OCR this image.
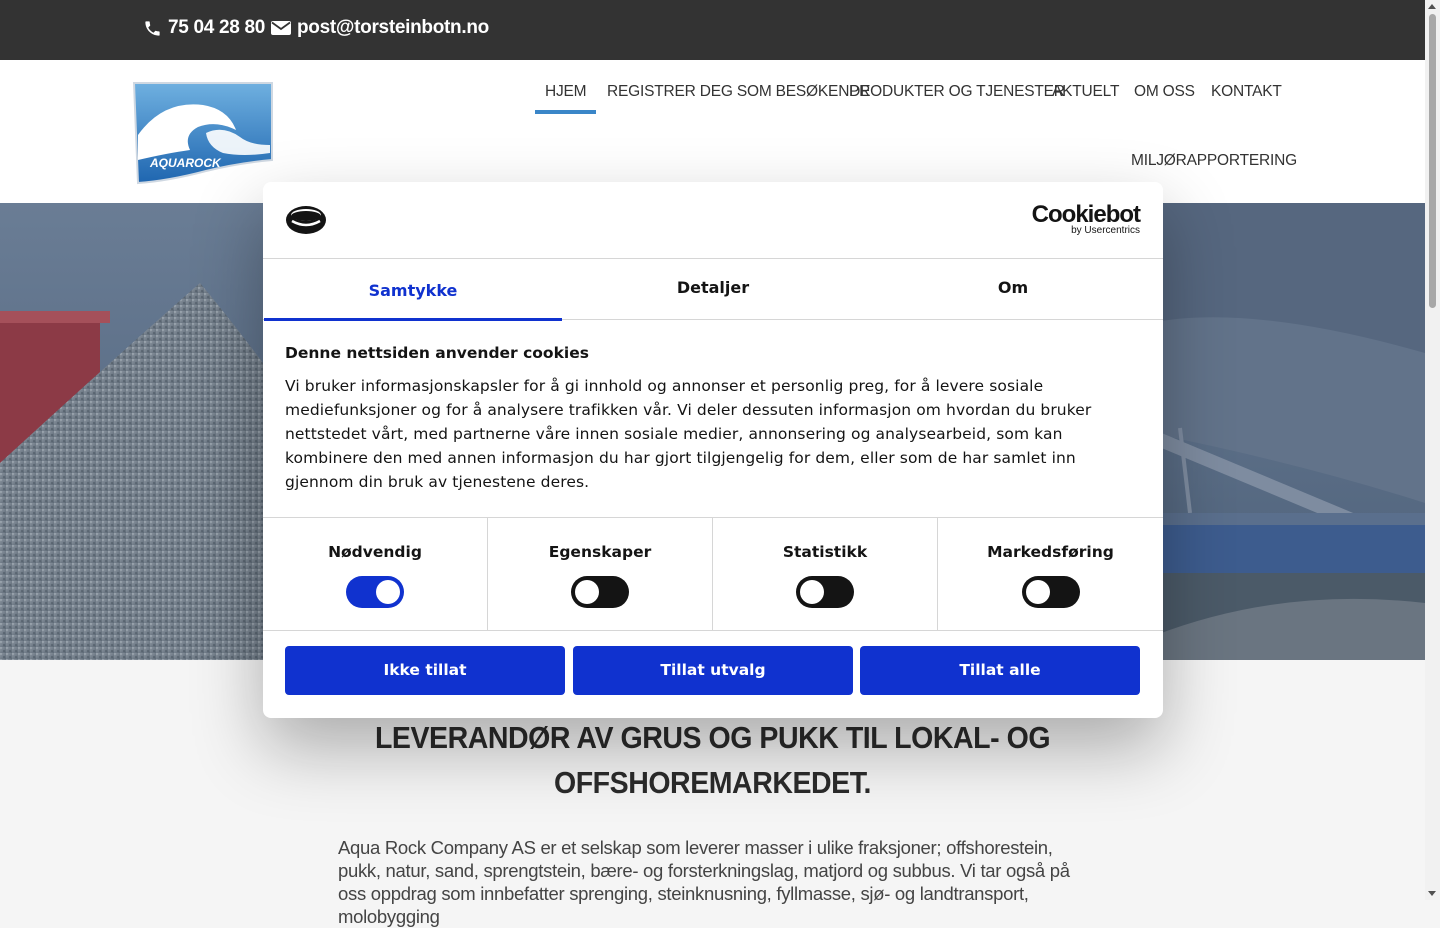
75 04 28 80 post@torsteinbotn.no
AQUAROCK
HJEM REGISTRER DEG SOM BESØKENDE
PRODUKTER OG TJENESTER
AKTUELT OM OSS KONTAKT
MILJØRAPPORTERING
LEVERANDØR AV GRUS OG PUKK TIL LOKAL- OG OFFSHOREMARKEDET.
Aqua Rock Company AS er et selskap som leverer masser i ulike fraksjoner; offshorestein, pukk, natur, sand, sprengtstein, bære- og forsterkningslag, matjord og subbus. Vi tar også på oss oppdrag som innbefatter sprenging, steinknusning, fyllmasse, sjø- og landtransport, molobygging
Cookiebot
by Usercentrics
Samtykke	Detaljer	Om
Denne nettsiden anvender cookies
Vi bruker informasjonskapsler for å gi innhold og annonser et personlig preg, for å levere sosiale mediefunksjoner og for å analysere trafikken vår. Vi deler dessuten informasjon om hvordan du bruker nettstedet vårt, med partnerne våre innen sosiale medier, annonsering og analysearbeid, som kan kombinere den med annen informasjon du har gjort tilgjengelig for dem, eller som de har samlet inn gjennom din bruk av tjenestene deres.
Nødvendig	Egenskaper	Statistikk	Markedsføring
Ikke tillat	Tillat utvalg	Tillat alle
